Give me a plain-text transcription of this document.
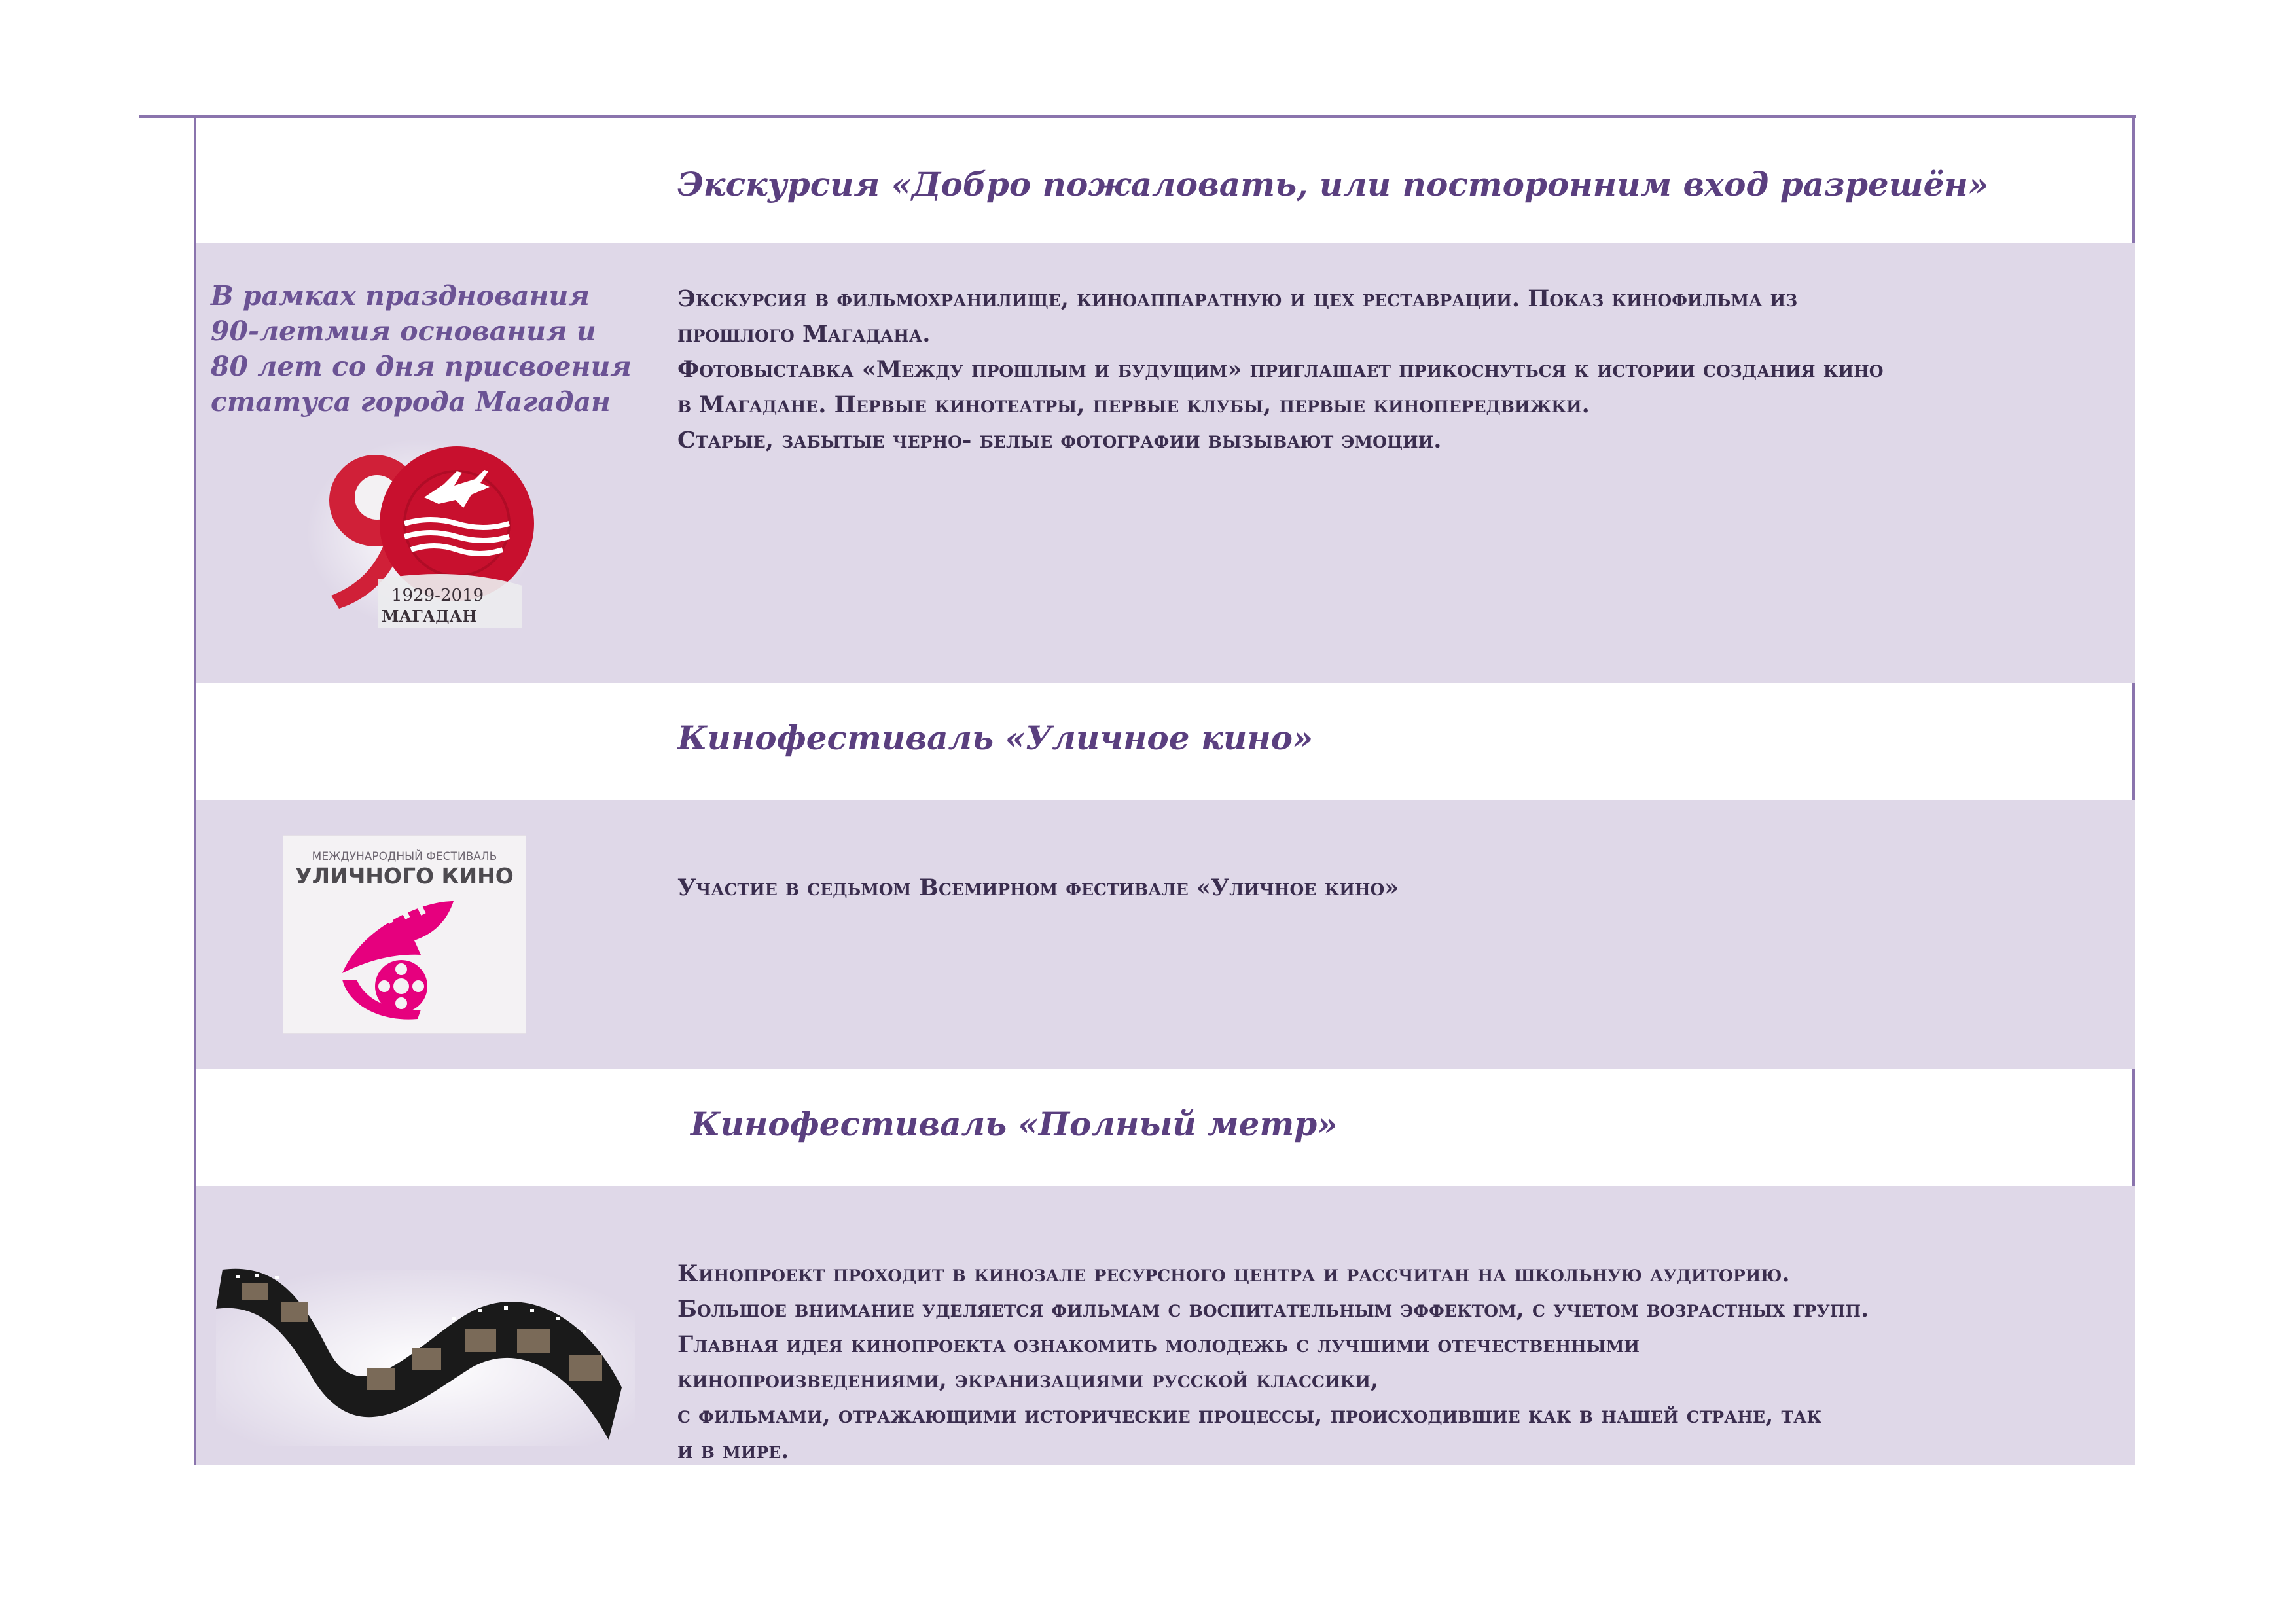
Экскурсия «Добро пожаловать, или посторонним вход разрешён»
В рамках празднования 90-летмия основания и 80 лет со дня присвоения статуса города Магадан
1929-2019
МАГАДАН

Экскурсия в фильмохранилище, киноаппаратную и цех реставрации. Показ кинофильма из

прошлого Магадана.

Фотовыставка «Между прошлым и будущим» приглашает прикоснуться к истории создания кино

в Магадане. Первые кинотеатры, первые клубы, первые кинопередвижки.

Старые, забытые черно- белые фотографии вызывают эмоции.

Кинофестиваль «Уличное кино»
МЕЖДУНАРОДНЫЙ ФЕСТИВАЛЬ
УЛИЧНОГО КИНО	Участие в седьмом Всемирном фестивале «Уличное кино»

Кинофестиваль «Полный метр»

Кинопроект проходит в кинозале ресурсного центра и рассчитан на школьную аудиторию.

Большое внимание уделяется фильмам с воспитательным эффектом, с учетом возрастных групп.

Главная идея кинопроекта ознакомить молодежь с лучшими отечественными

кинопроизведениями, экранизациями русской классики,

с фильмами, отражающими исторические процессы, происходившие как в нашей стране, так

и в мире.
